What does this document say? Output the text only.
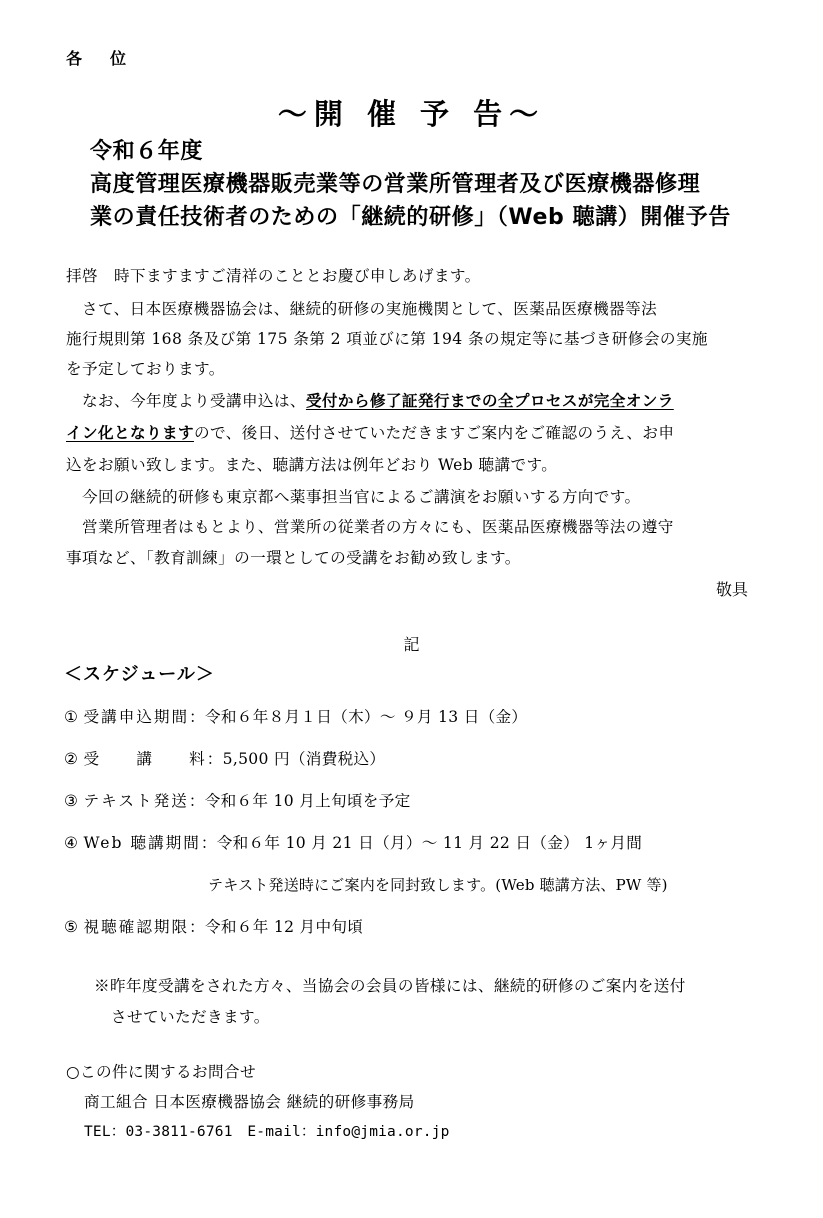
各　位
～開 催 予 告～
令和６年度
高度管理医療機器販売業等の営業所管理者及び医療機器修理
業の責任技術者のための「継続的研修」（Web 聴講）開催予告
拝啓　時下ますますご清祥のこととお慶び申しあげます。
さて、日本医療機器協会は、継続的研修の実施機関として、医薬品医療機器等法
施行規則第 168 条及び第 175 条第 2 項並びに第 194 条の規定等に基づき研修会の実施
を予定しております。
なお、今年度より受講申込は、受付から修了証発行までの全プロセスが完全オンラ
イン化となりますので、後日、送付させていただきますご案内をご確認のうえ、お申
込をお願い致します。また、聴講方法は例年どおり Web 聴講です。
今回の継続的研修も東京都へ薬事担当官によるご講演をお願いする方向です。
営業所管理者はもとより、営業所の従業者の方々にも、医薬品医療機器等法の遵守
事項など、「教育訓練」の一環としての受講をお勧め致します。
敬具
記
＜スケジュール＞
① 受講申込期間：令和６年８月１日（木）～ ９月 13 日（金）
② 受　　講　　料：5,500 円（消費税込）
③ テキスト発送：令和６年 10 月上旬頃を予定
④ Web 聴講期間：令和６年 10 月 21 日（月）～ 11 月 22 日（金） 1ヶ月間
テキスト発送時にご案内を同封致します。(Web 聴講方法、PW 等)
⑤ 視聴確認期限：令和６年 12 月中旬頃
※昨年度受講をされた方々、当協会の会員の皆様には、継続的研修のご案内を送付
させていただきます。
○この件に関するお問合せ
商工組合 日本医療機器協会 継続的研修事務局
TEL：03-3811-6761　E-mail：info@jmia.or.jp
